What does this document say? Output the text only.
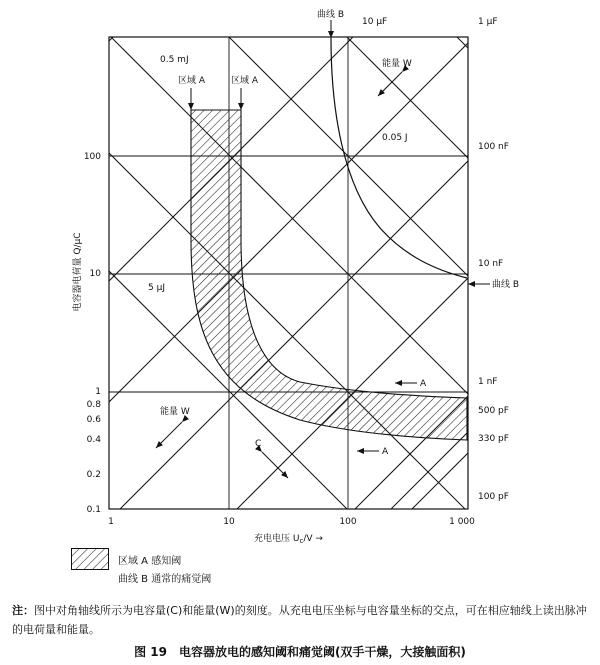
100
10
1
0.8
0.6
0.4
0.2
0.1
1	10	100	1 000
电容器电荷量 Q/μC
充电电压 $U_c/V$ →
1 μF
10 μF
100 nF
10 nF
1 nF
500 pF
330 pF
100 pF
0.5 mJ
0.05 J
5 μJ
曲线 B
曲线 B
区域 A	区域 A
能量 W
能量 W
C
A
A
区域 A 感知阈
曲线 B 通常的痛觉阈
注：图中对角轴线所示为电容量(C)和能量(W)的刻度。从充电电压坐标与电容量坐标的交点，可在相应轴线上读出脉冲的电荷量和能量。
图 19　电容器放电的感知阈和痛觉阈(双手干燥，大接触面积)
